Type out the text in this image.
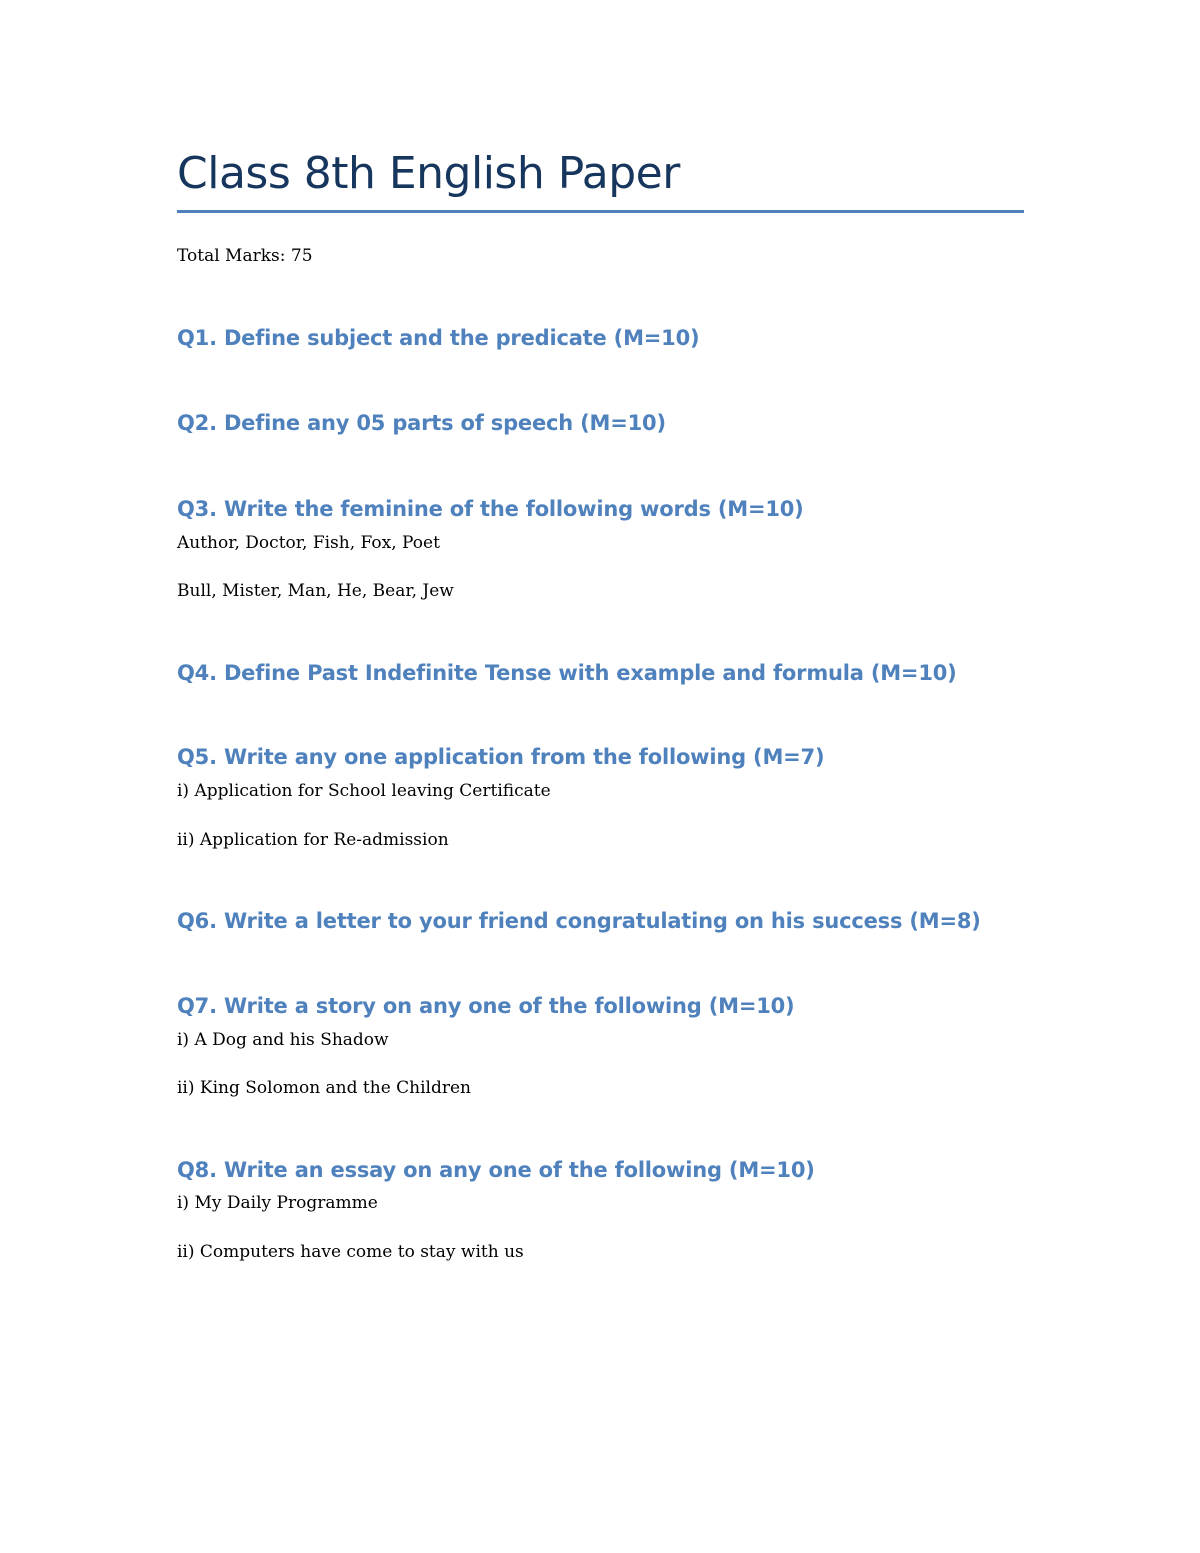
Class 8th English Paper
Total Marks: 75
Q1. Define subject and the predicate (M=10)
Q2. Define any 05 parts of speech (M=10)
Q3. Write the feminine of the following words (M=10)
Author, Doctor, Fish, Fox, Poet
Bull, Mister, Man, He, Bear, Jew
Q4. Define Past Indefinite Tense with example and formula (M=10)
Q5. Write any one application from the following (M=7)
i) Application for School leaving Certificate
ii) Application for Re-admission
Q6. Write a letter to your friend congratulating on his success (M=8)
Q7. Write a story on any one of the following (M=10)
i) A Dog and his Shadow
ii) King Solomon and the Children
Q8. Write an essay on any one of the following (M=10)
i) My Daily Programme
ii) Computers have come to stay with us
